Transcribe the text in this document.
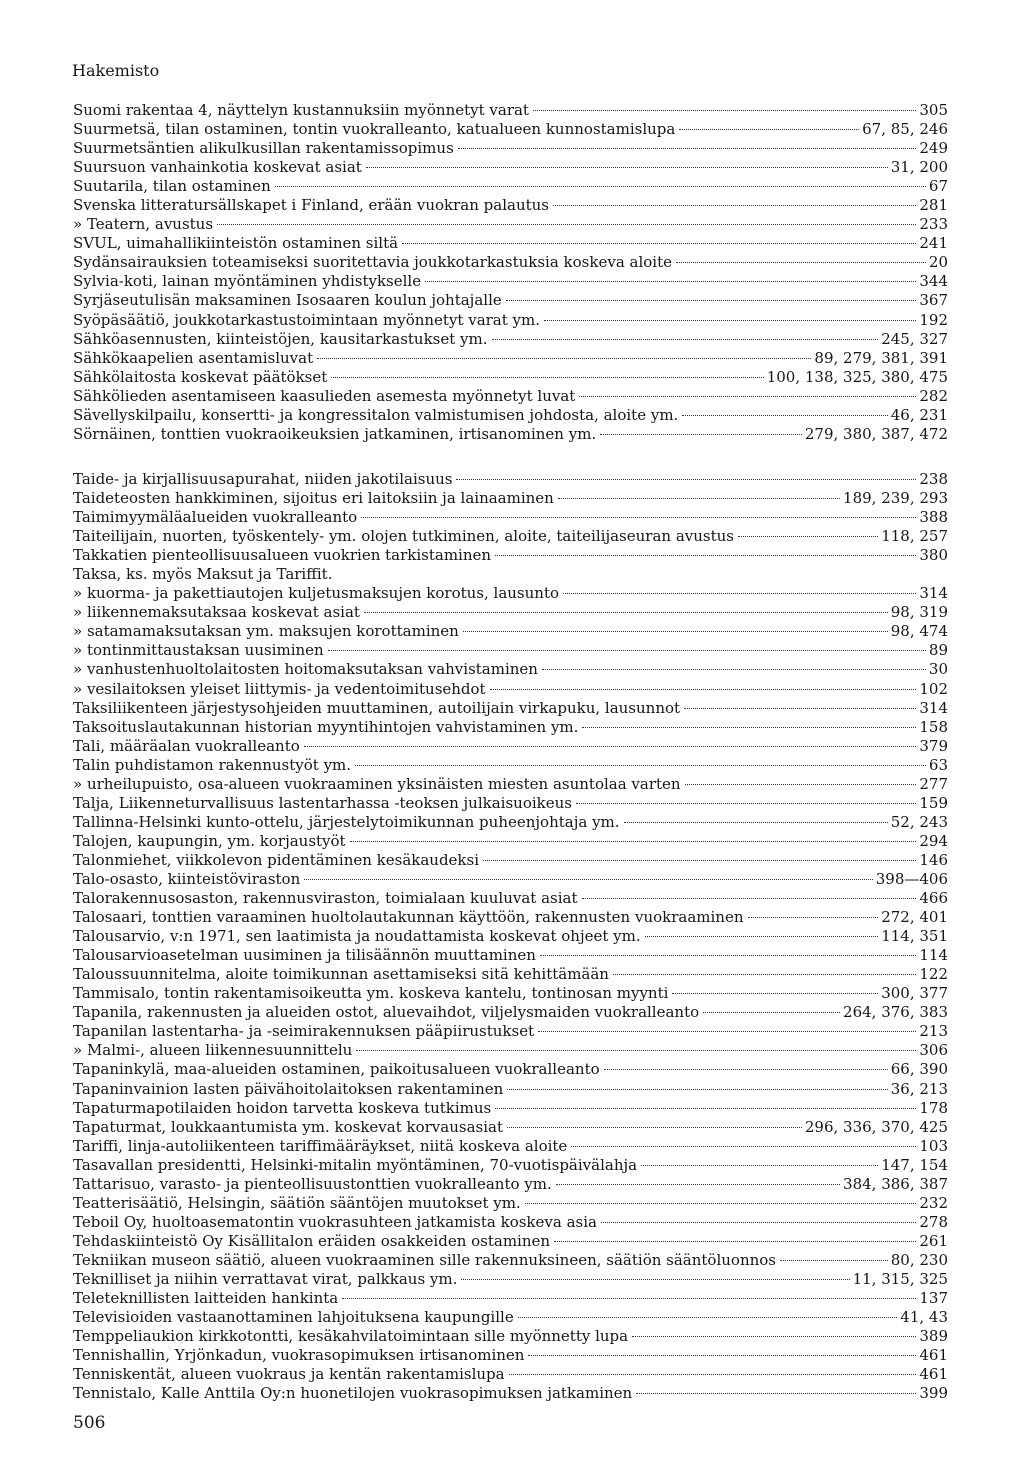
Hakemisto
Suomi rakentaa 4, näyttelyn kustannuksiin myönnetyt varat	305
Suurmetsä, tilan ostaminen, tontin vuokralleanto, katualueen kunnostamislupa	67, 85, 246
Suurmetsäntien alikulkusillan rakentamissopimus	249
Suursuon vanhainkotia koskevat asiat	31, 200
Suutarila, tilan ostaminen	67
Svenska litteratursällskapet i Finland, erään vuokran palautus	281
» Teatern, avustus	233
SVUL, uimahallikiinteistön ostaminen siltä	241
Sydänsairauksien toteamiseksi suoritettavia joukkotarkastuksia koskeva aloite	20
Sylvia-koti, lainan myöntäminen yhdistykselle	344
Syrjäseutulisän maksaminen Isosaaren koulun johtajalle	367
Syöpäsäätiö, joukkotarkastustoimintaan myönnetyt varat ym.	192
Sähköasennusten, kiinteistöjen, kausitarkastukset ym.	245, 327
Sähkökaapelien asentamisluvat	89, 279, 381, 391
Sähkölaitosta koskevat päätökset	100, 138, 325, 380, 475
Sähkölieden asentamiseen kaasulieden asemesta myönnetyt luvat	282
Sävellyskilpailu, konsertti- ja kongressitalon valmistumisen johdosta, aloite ym.	46, 231
Sörnäinen, tonttien vuokraoikeuksien jatkaminen, irtisanominen ym.	279, 380, 387, 472
Taide- ja kirjallisuusapurahat, niiden jakotilaisuus	238
Taideteosten hankkiminen, sijoitus eri laitoksiin ja lainaaminen	189, 239, 293
Taimimyymäläalueiden vuokralleanto	388
Taiteilijain, nuorten, työskentely- ym. olojen tutkiminen, aloite, taiteilijaseuran avustus	118, 257
Takkatien pienteollisuusalueen vuokrien tarkistaminen	380
Taksa, ks. myös Maksut ja Tariffit.
» kuorma- ja pakettiautojen kuljetusmaksujen korotus, lausunto	314
» liikennemaksutaksaa koskevat asiat	98, 319
» satamamaksutaksan ym. maksujen korottaminen	98, 474
» tontinmittaustaksan uusiminen	89
» vanhustenhuoltolaitosten hoitomaksutaksan vahvistaminen	30
» vesilaitoksen yleiset liittymis- ja vedentoimitusehdot	102
Taksiliikenteen järjestysohjeiden muuttaminen, autoilijain virkapuku, lausunnot	314
Taksoituslautakunnan historian myyntihintojen vahvistaminen ym.	158
Tali, määräalan vuokralleanto	379
Talin puhdistamon rakennustyöt ym.	63
» urheilupuisto, osa-alueen vuokraaminen yksinäisten miesten asuntolaa varten	277
Talja, Liikenneturvallisuus lastentarhassa -teoksen julkaisuoikeus	159
Tallinna-Helsinki kunto-ottelu, järjestelytoimikunnan puheenjohtaja ym.	52, 243
Talojen, kaupungin, ym. korjaustyöt	294
Talonmiehet, viikkolevon pidentäminen kesäkaudeksi	146
Talo-osasto, kiinteistöviraston	398—406
Talorakennusosaston, rakennusviraston, toimialaan kuuluvat asiat	466
Talosaari, tonttien varaaminen huoltolautakunnan käyttöön, rakennusten vuokraaminen	272, 401
Talousarvio, v:n 1971, sen laatimista ja noudattamista koskevat ohjeet ym.	114, 351
Talousarvioasetelman uusiminen ja tilisäännön muuttaminen	114
Taloussuunnitelma, aloite toimikunnan asettamiseksi sitä kehittämään	122
Tammisalo, tontin rakentamisoikeutta ym. koskeva kantelu, tontinosan myynti	300, 377
Tapanila, rakennusten ja alueiden ostot, aluevaihdot, viljelysmaiden vuokralleanto	264, 376, 383
Tapanilan lastentarha- ja -seimirakennuksen pääpiirustukset	213
» Malmi-, alueen liikennesuunnittelu	306
Tapaninkylä, maa-alueiden ostaminen, paikoitusalueen vuokralleanto	66, 390
Tapaninvainion lasten päivähoitolaitoksen rakentaminen	36, 213
Tapaturmapotilaiden hoidon tarvetta koskeva tutkimus	178
Tapaturmat, loukkaantumista ym. koskevat korvausasiat	296, 336, 370, 425
Tariffi, linja-autoliikenteen tariffimääräykset, niitä koskeva aloite	103
Tasavallan presidentti, Helsinki-mitalin myöntäminen, 70-vuotispäivälahja	147, 154
Tattarisuo, varasto- ja pienteollisuustonttien vuokralleanto ym.	384, 386, 387
Teatterisäätiö, Helsingin, säätiön sääntöjen muutokset ym.	232
Teboil Oy, huoltoasematontin vuokrasuhteen jatkamista koskeva asia	278
Tehdaskiinteistö Oy Kisällitalon eräiden osakkeiden ostaminen	261
Tekniikan museon säätiö, alueen vuokraaminen sille rakennuksineen, säätiön sääntöluonnos	80, 230
Teknilliset ja niihin verrattavat virat, palkkaus ym.	11, 315, 325
Teleteknillisten laitteiden hankinta	137
Televisioiden vastaanottaminen lahjoituksena kaupungille	41, 43
Temppeliaukion kirkkotontti, kesäkahvilatoimintaan sille myönnetty lupa	389
Tennishallin, Yrjönkadun, vuokrasopimuksen irtisanominen	461
Tenniskentät, alueen vuokraus ja kentän rakentamislupa	461
Tennistalo, Kalle Anttila Oy:n huonetilojen vuokrasopimuksen jatkaminen	399
506
